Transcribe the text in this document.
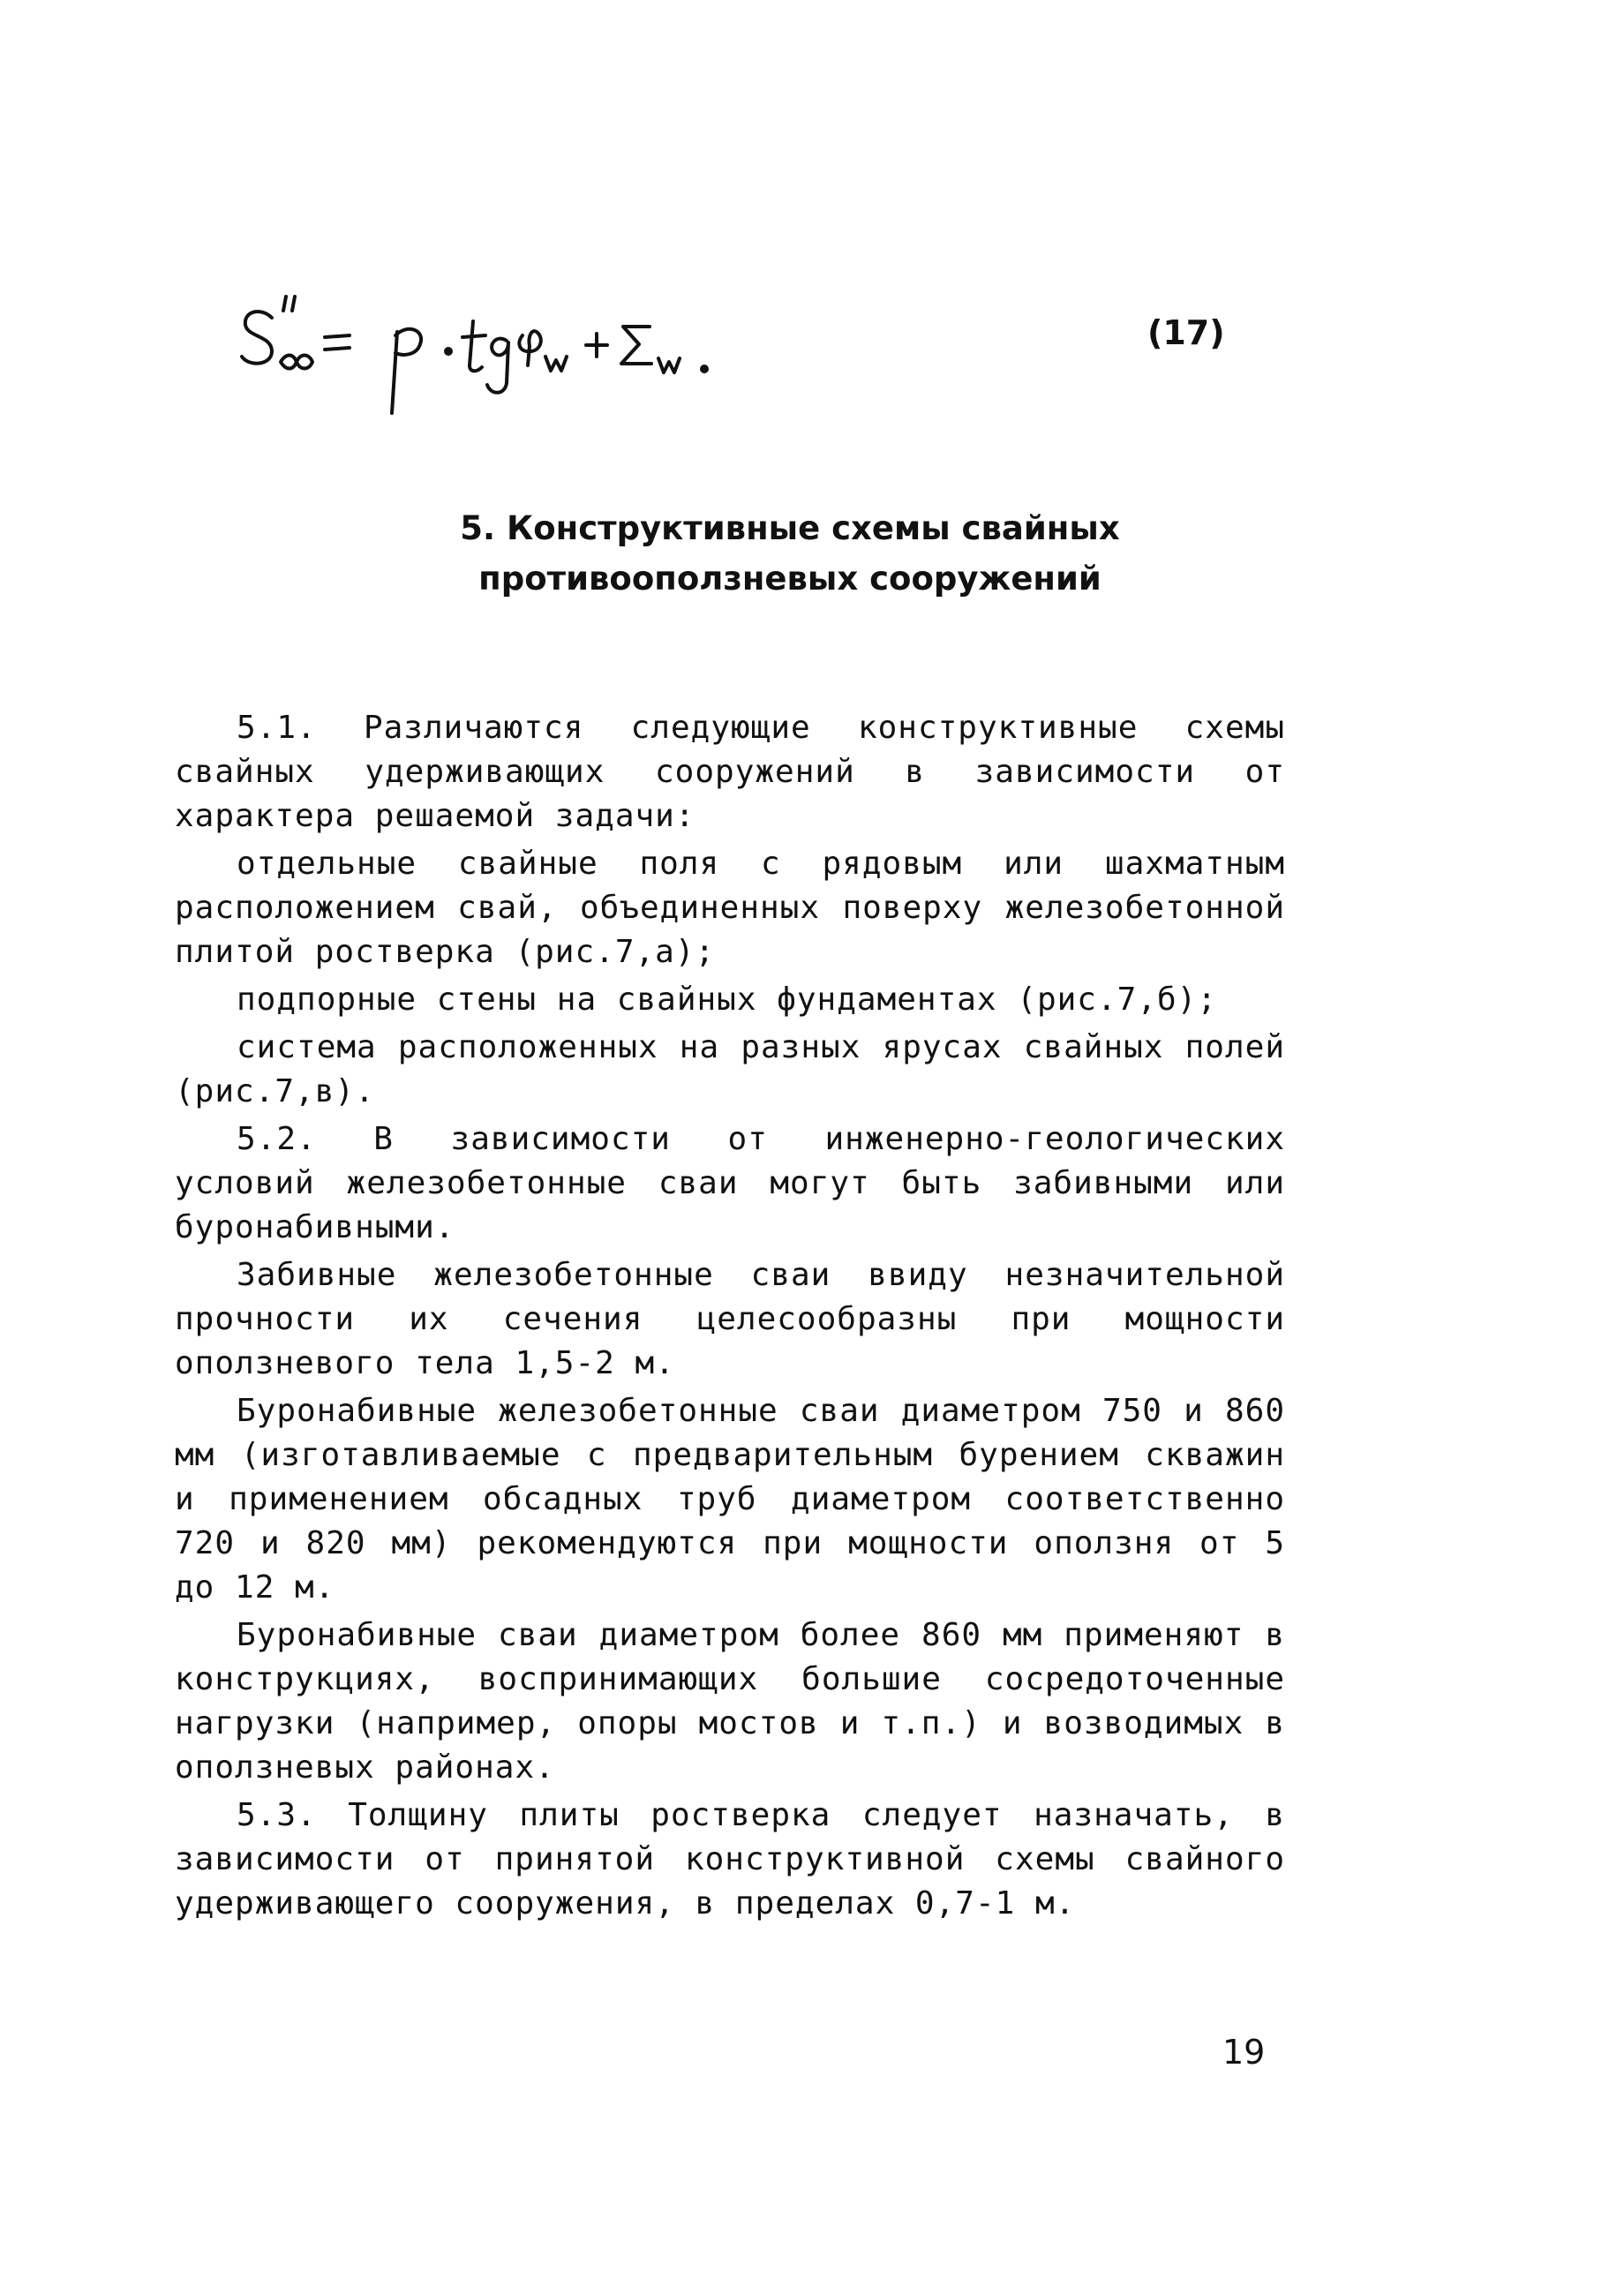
(17)
5. Конструктивные схемы свайных
противооползневых сооружений

5.1. Различаются следующие конструктивные схемы свайных удерживающих сооружений в зависимости от характера решаемой задачи:

отдельные свайные поля с рядовым или шахматным расположением свай, объединенных поверху железобетонной плитой ростверка (рис.7,а);

подпорные стены на свайных фундаментах (рис.7,б);

система расположенных на разных ярусах свайных полей (рис.7,в).

5.2. В зависимости от инженерно-геологических условий железобетонные сваи могут быть забивными или буронабивными.

Забивные железобетонные сваи ввиду незначительной прочности их сечения целесообразны при мощности оползневого тела 1,5-2 м.

Буронабивные железобетонные сваи диаметром 750 и 860 мм (изготавливаемые с предварительным бурением скважин и применением обсадных труб диаметром соответственно 720 и 820 мм) рекомендуются при мощности оползня от 5 до 12 м.

Буронабивные сваи диаметром более 860 мм применяют в конструкциях, воспринимающих большие сосредоточенные нагрузки (например, опоры мостов и т.п.) и возводимых в оползневых районах.

5.3. Толщину плиты ростверка следует назначать, в зависимости от принятой конструктивной схемы свайного удерживающего сооружения, в пределах 0,7-1 м.

19
